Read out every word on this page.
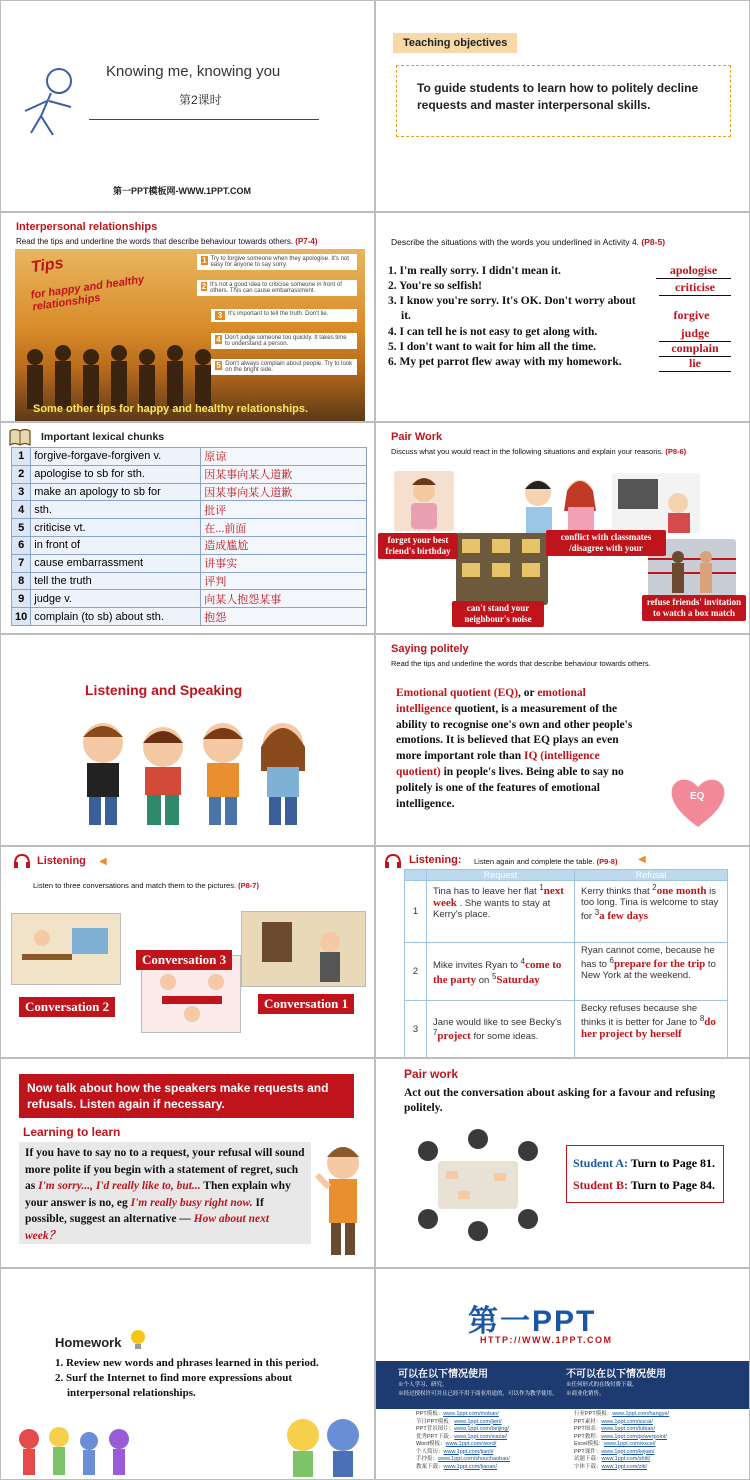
Knowing me, knowing you
第2课时
第一PPT模板网-WWW.1PPT.COM
Teaching objectives
To guide students to learn how to politely decline requests and master interpersonal skills.
Interpersonal relationships
Read the tips and underline the words that describe behaviour towards others. (P7-4)
Tips
for happy and healthy relationships
1 Try to forgive someone when they apologise. It's not easy for anyone to say sorry.
2 It's not a good idea to criticise someone in front of others. This can cause embarrassment.
3 It's important to tell the truth. Don't lie.
4 Don't judge someone too quickly. It takes time to understand a person.
5 Don't always complain about people. Try to look on the bright side.
Some other tips for happy and healthy relationships.
Describe the situations with the words you underlined in Activity 4. (P8-5)
1. I'm really sorry. I didn't mean it.
2. You're so selfish!
3. I know you're sorry. It's OK. Don't worry about
it.
4. I can tell he is not easy to get along with.
5. I don't want to wait for him all the time.
6. My pet parrot flew away with my homework.
apologise
criticise
forgive
judge
complain
lie
Important lexical chunks
1	forgive-forgave-forgiven v.	原谅
2	apologise to sb for sth.	因某事向某人道歉
3	make an apology to sb for	因某事向某人道歉
4	sth.	批评
5	criticise vt.	在...前面
6	in front of	造成尴尬
7	cause embarrassment	讲事实
8	tell the truth	评判
9	judge v.	向某人抱怨某事
10	complain (to sb) about sth.	抱怨
Pair Work
Discuss what you would react in the following situations and explain your reasons. (P8-6)
forget your best friend's birthday
conflict with classmates /disagree with your
can't stand your neighbour's noise
refuse friends' invitation to watch a box match
Listening and Speaking
Saying politely
Read the tips and underline the words that describe behaviour towards others.
Emotional quotient (EQ), or emotional intelligence quotient, is a measurement of the ability to recognise one's own and other people's emotions. It is believed that EQ plays an even more important role than IQ (intelligence quotient) in people's lives. Being able to say no politely is one of the features of emotional intelligence.
EQ
Listening ◀
Listen to three conversations and match them to the pictures. (P8-7)
Conversation 3
Conversation 2	Conversation 1
Listening: Listen again and complete the table. (P9-8) ◀
	Request	Refusal
1	Tina has to leave her flat $^1$next week . She wants to stay at Kerry's place.	Kerry thinks that $^2$one month is too long. Tina is welcome to stay for $^3$a few days
2	Mike invites Ryan to $^4$come to the party on $^5$Saturday	Ryan cannot come, because he has to $^6$prepare for the trip to New York at the weekend.
3	Jane would like to see Becky's $^7$project for some ideas.	Becky refuses because she thinks it is better for Jane to $^8$do her project by herself
Now talk about how the speakers make requests and refusals. Listen again if necessary.
Learning to learn
If you have to say no to a request, your refusal will sound more polite if you begin with a statement of regret, such as I'm sorry..., I'd really like to, but... Then explain why your answer is no, eg I'm really busy right now. If possible, suggest an alternative — How about next week？
Pair work
Act out the conversation about asking for a favour and refusing politely.
Student A: Turn to Page 81.
Student B: Turn to Page 84.
Homework
1. Review new words and phrases learned in this period.
2. Surf the Internet to find more expressions about
interpersonal relationships.
第一PPT
HTTP://WWW.1PPT.COM
可以在以下情况使用
※个人学习、研究。
※经过授权许可并且已经不用于商业用途的，可以作为教学使用。
不可以在以下情况使用
※任何形式的在线付费下载。
※商业化销售。
PPT模板：www.1ppt.com/moban/
节日PPT模板：www.1ppt.com/jieri/
PPT背景图片：www.1ppt.com/beijing/
优秀PPT下载：www.1ppt.com/xiazai/
Word模板：www.1ppt.com/word/
个人简历：www.1ppt.com/jianli/
手抄报：www.1ppt.com/shouchaobao/
教案下载：www.1ppt.com/jiaoan/
行业PPT模板：www.1ppt.com/hangye/
PPT素材：www.1ppt.com/sucai/
PPT图表：www.1ppt.com/tubiao/
PPT教程：www.1ppt.com/powerpoint/
Excel模板：www.1ppt.com/excel/
PPT课件：www.1ppt.com/kejian/
试题下载：www.1ppt.com/shiti/
字体下载：www.1ppt.com/ziti/
